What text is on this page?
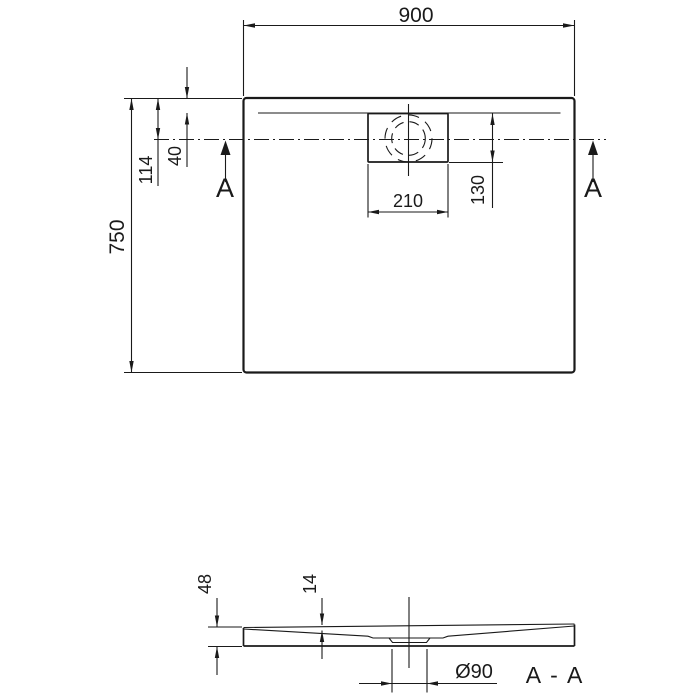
900
750
114 40
210 130
A	A
48	14
Ø90 A - A
